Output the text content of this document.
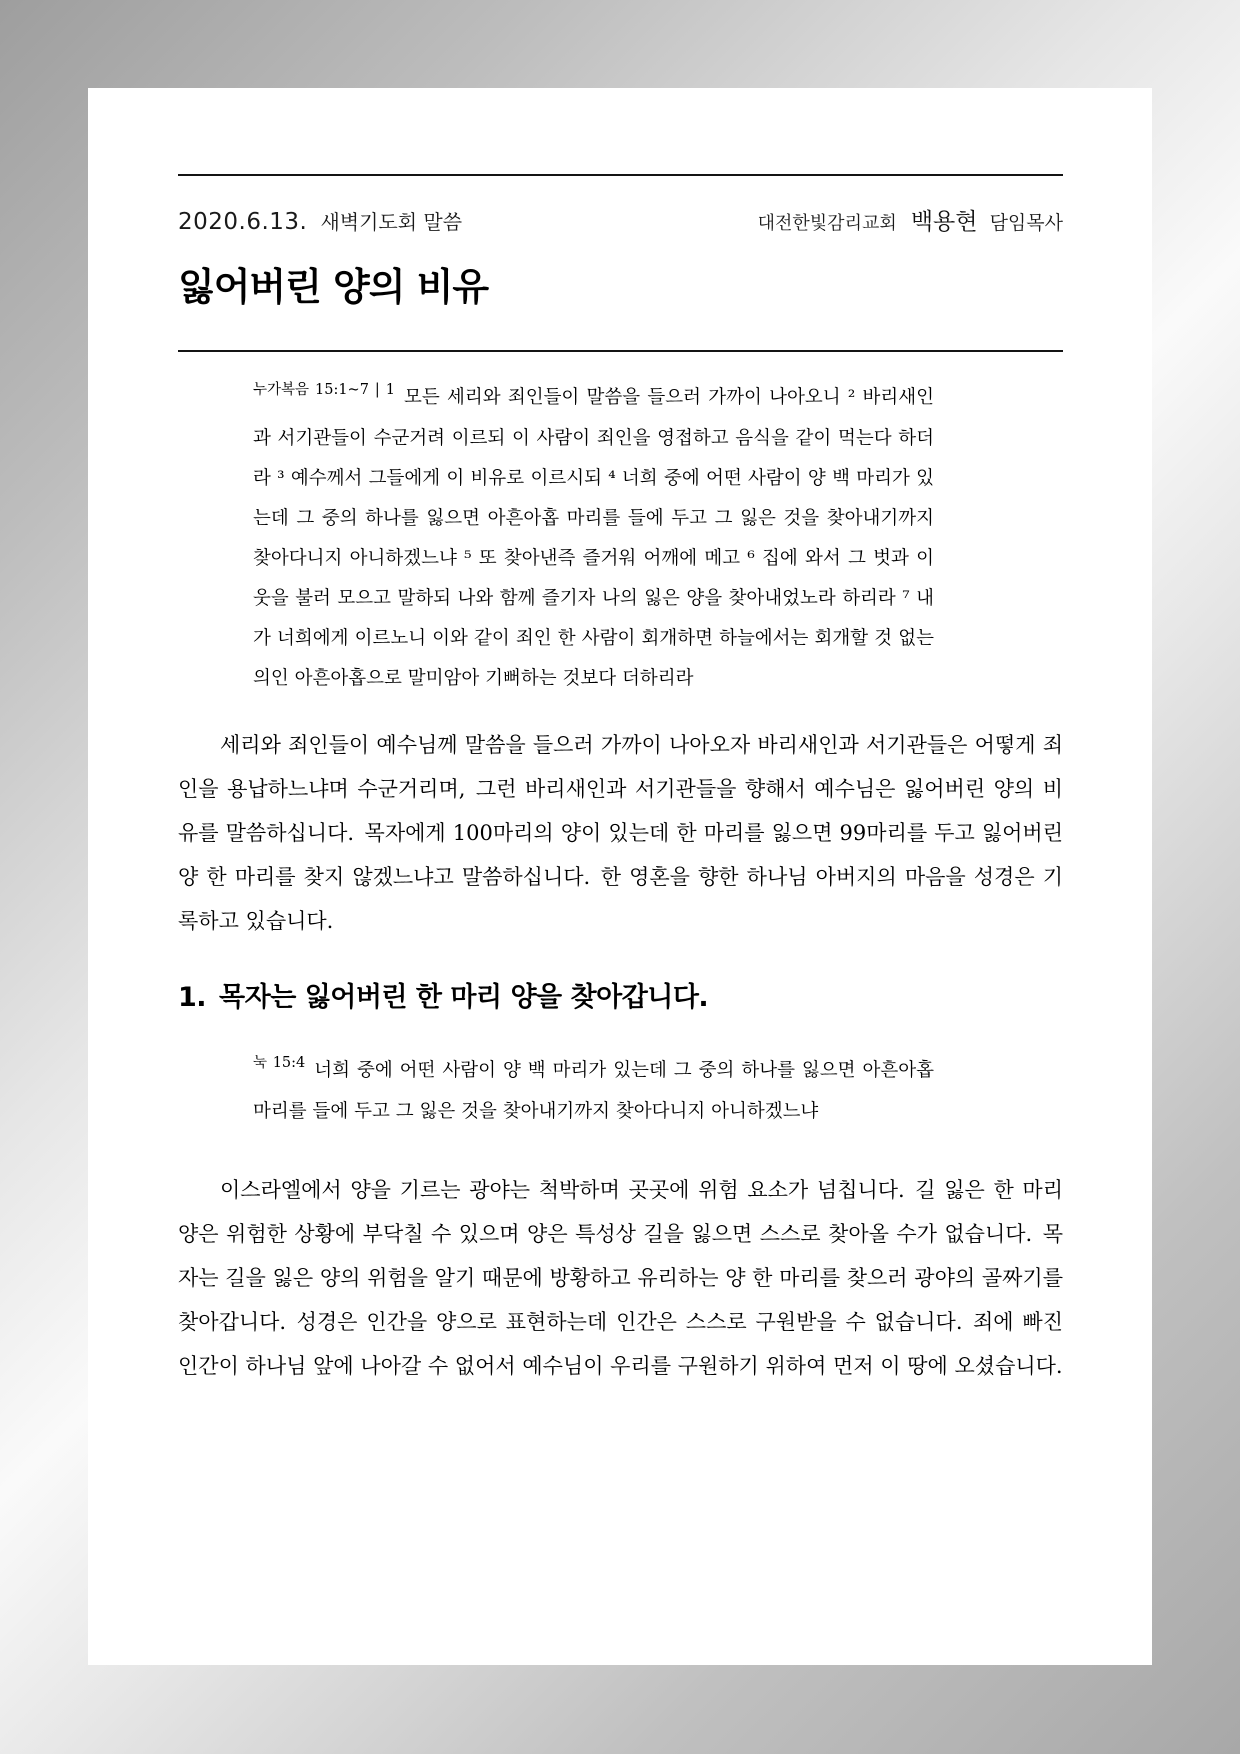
2020.6.13. 새벽기도회 말씀	대전한빛감리교회 백용현 담임목사
잃어버린 양의 비유
$^{누가복음 15:1\sim 7 | 1}$ 모든 세리와 죄인들이 말씀을 들으러 가까이 나아오니 ² 바리새인과 서기관들이 수군거려 이르되 이 사람이 죄인을 영접하고 음식을 같이 먹는다 하더라 ³ 예수께서 그들에게 이 비유로 이르시되 ⁴ 너희 중에 어떤 사람이 양 백 마리가 있는데 그 중의 하나를 잃으면 아흔아홉 마리를 들에 두고 그 잃은 것을 찾아내기까지 찾아다니지 아니하겠느냐 ⁵ 또 찾아낸즉 즐거워 어깨에 메고 ⁶ 집에 와서 그 벗과 이웃을 불러 모으고 말하되 나와 함께 즐기자 나의 잃은 양을 찾아내었노라 하리라 ⁷ 내가 너희에게 이르노니 이와 같이 죄인 한 사람이 회개하면 하늘에서는 회개할 것 없는 의인 아흔아홉으로 말미암아 기뻐하는 것보다 더하리라

세리와 죄인들이 예수님께 말씀을 들으러 가까이 나아오자 바리새인과 서기관들은 어떻게 죄인을 용납하느냐며 수군거리며, 그런 바리새인과 서기관들을 향해서 예수님은 잃어버린 양의 비유를 말씀하십니다. 목자에게 100마리의 양이 있는데 한 마리를 잃으면 99마리를 두고 잃어버린 양 한 마리를 찾지 않겠느냐고 말씀하십니다. 한 영혼을 향한 하나님 아버지의 마음을 성경은 기록하고 있습니다.

1. 목자는 잃어버린 한 마리 양을 찾아갑니다.
$^{눅 15:4}$ 너희 중에 어떤 사람이 양 백 마리가 있는데 그 중의 하나를 잃으면 아흔아홉 마리를 들에 두고 그 잃은 것을 찾아내기까지 찾아다니지 아니하겠느냐

이스라엘에서 양을 기르는 광야는 척박하며 곳곳에 위험 요소가 넘칩니다. 길 잃은 한 마리 양은 위험한 상황에 부닥칠 수 있으며 양은 특성상 길을 잃으면 스스로 찾아올 수가 없습니다. 목자는 길을 잃은 양의 위험을 알기 때문에 방황하고 유리하는 양 한 마리를 찾으러 광야의 골짜기를 찾아갑니다. 성경은 인간을 양으로 표현하는데 인간은 스스로 구원받을 수 없습니다. 죄에 빠진 인간이 하나님 앞에 나아갈 수 없어서 예수님이 우리를 구원하기 위하여 먼저 이 땅에 오셨습니다.
